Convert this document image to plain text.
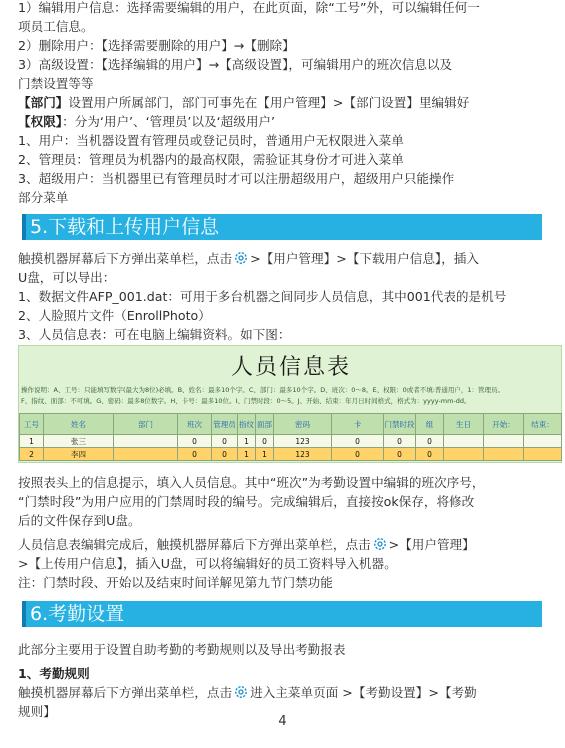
1）编辑用户信息：选择需要编辑的用户，在此页面，除“工号”外，可以编辑任何一
项员工信息。
2）删除用户：【选择需要删除的用户】→【删除】
3）高级设置：【选择编辑的用户】→【高级设置】，可编辑用户的班次信息以及
门禁设置等等
【部门】设置用户所属部门，部门可事先在【用户管理】>【部门设置】里编辑好
【权限】：分为‘用户’、‘管理员’以及‘超级用户’
1、用户：当机器设置有管理员或登记员时，普通用户无权限进入菜单
2、管理员：管理员为机器内的最高权限，需验证其身份才可进入菜单
3、超级用户：当机器里已有管理员时才可以注册超级用户，超级用户只能操作
部分菜单
5.下载和上传用户信息
触摸机器屏幕后下方弹出菜单栏，点击 >【用户管理】>【下载用户信息】，插入
U盘，可以导出：
1、数据文件AFP_001.dat：可用于多台机器之间同步人员信息，其中001代表的是机号
2、人脸照片文件（EnrollPhoto）
3、人员信息表：可在电脑上编辑资料。如下图：
人员信息表
操作说明：A、工号：只能填写数字(最大为8位)必填。B、姓名：最多10个字。C、部门：最多10个字。D、班次：0～8。E、权限：0或者不填:普通用户，1：管理员。
F、指纹、面部：不可填。G、密码：最多8位数字。H、卡号：最多10位。I、门禁时段：0～5。J、开始、结束：年月日时间格式，格式为：yyyy-mm-dd。
工号	姓名	部门	班次	管理员	指纹	面部	密码	卡	门禁时段	组	生日	开始：	结束：
1	张三		0	0	1	0	123	0	0	0			
2	李四		0	0	1	1	123	0	0	0			
按照表头上的信息提示，填入人员信息。其中“班次”为考勤设置中编辑的班次序号，
“门禁时段”为用户应用的门禁周时段的编号。完成编辑后，直接按ok保存，将修改
后的文件保存到U盘。
人员信息表编辑完成后，触摸机器屏幕后下方弹出菜单栏，点击 >【用户管理】
>【上传用户信息】，插入U盘，可以将编辑好的员工资料导入机器。
注：门禁时段、开始以及结束时间详解见第九节门禁功能
6.考勤设置
此部分主要用于设置自助考勤的考勤规则以及导出考勤报表
1、考勤规则
触摸机器屏幕后下方弹出菜单栏，点击 进入主菜单页面 >【考勤设置】>【考勤
规则】
4
